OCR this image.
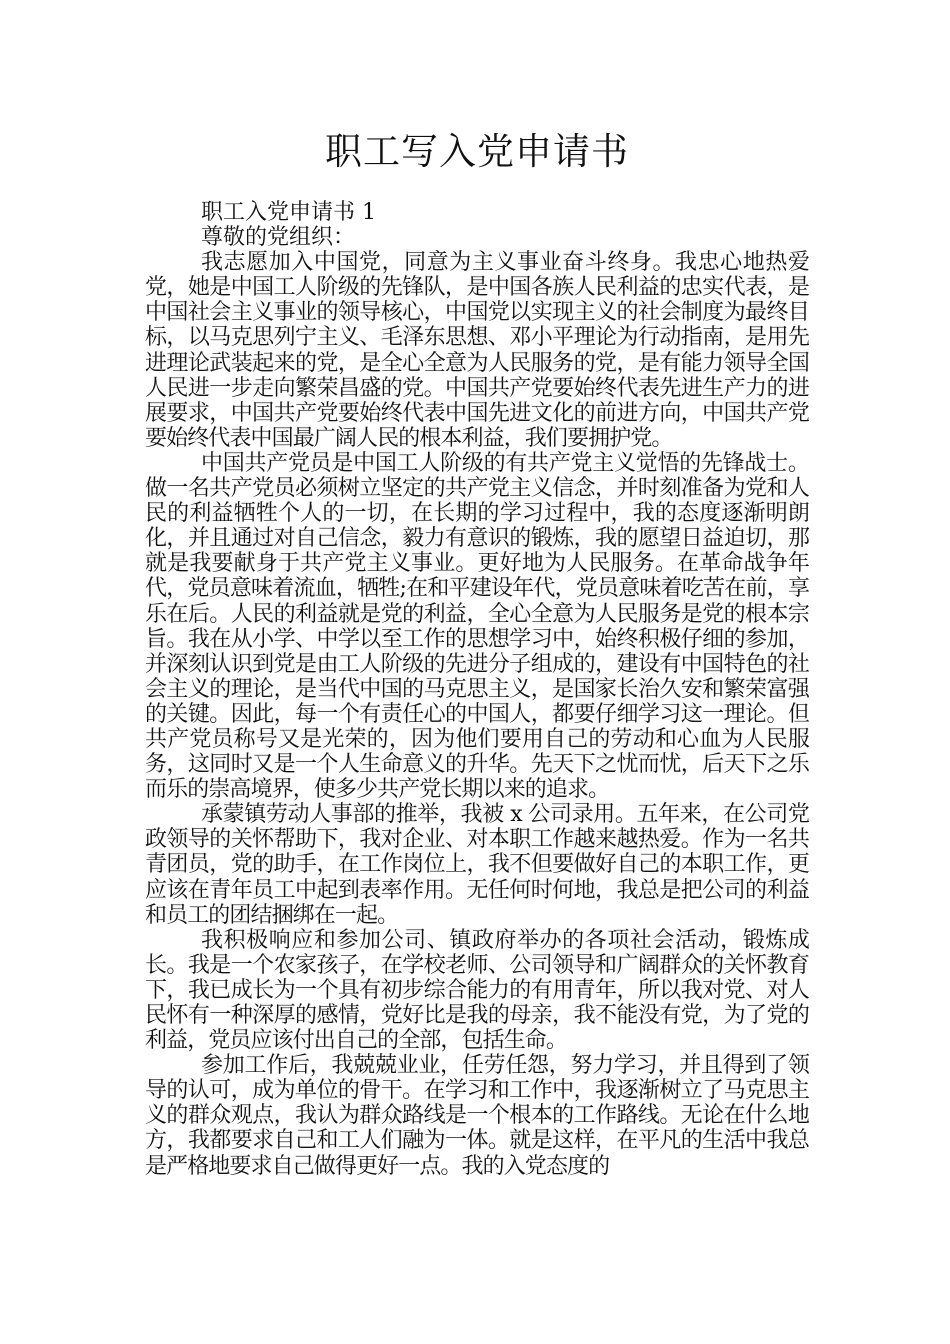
职工写入党申请书

职工入党申请书 1

尊敬的党组织：

我志愿加入中国党，同意为主义事业奋斗终身。我忠心地热爱党，她是中国工人阶级的先锋队，是中国各族人民利益的忠实代表，是中国社会主义事业的领导核心，中国党以实现主义的社会制度为最终目标，以马克思列宁主义、毛泽东思想、邓小平理论为行动指南，是用先进理论武装起来的党，是全心全意为人民服务的党，是有能力领导全国人民进一步走向繁荣昌盛的党。中国共产党要始终代表先进生产力的进展要求，中国共产党要始终代表中国先进文化的前进方向，中国共产党要始终代表中国最广阔人民的根本利益，我们要拥护党。

中国共产党员是中国工人阶级的有共产党主义觉悟的先锋战士。做一名共产党员必须树立坚定的共产党主义信念，并时刻准备为党和人民的利益牺牲个人的一切，在长期的学习过程中，我的态度逐渐明朗化，并且通过对自己信念，毅力有意识的锻炼，我的愿望日益迫切，那就是我要献身于共产党主义事业。更好地为人民服务。在革命战争年代，党员意味着流血，牺牲;在和平建设年代，党员意味着吃苦在前，享乐在后。人民的利益就是党的利益，全心全意为人民服务是党的根本宗旨。我在从小学、中学以至工作的思想学习中，始终积极仔细的参加，并深刻认识到党是由工人阶级的先进分子组成的，建设有中国特色的社会主义的理论，是当代中国的马克思主义，是国家长治久安和繁荣富强的关键。因此，每一个有责任心的中国人，都要仔细学习这一理论。但共产党员称号又是光荣的，因为他们要用自己的劳动和心血为人民服务，这同时又是一个人生命意义的升华。先天下之忧而忧，后天下之乐而乐的崇高境界，使多少共产党长期以来的追求。

承蒙镇劳动人事部的推举，我被 x 公司录用。五年来，在公司党政领导的关怀帮助下，我对企业、对本职工作越来越热爱。作为一名共青团员，党的助手，在工作岗位上，我不但要做好自己的本职工作，更应该在青年员工中起到表率作用。无任何时何地，我总是把公司的利益和员工的团结捆绑在一起。

我积极响应和参加公司、镇政府举办的各项社会活动，锻炼成长。我是一个农家孩子，在学校老师、公司领导和广阔群众的关怀教育下，我已成长为一个具有初步综合能力的有用青年，所以我对党、对人民怀有一种深厚的感情，党好比是我的母亲，我不能没有党，为了党的利益，党员应该付出自己的全部，包括生命。

参加工作后，我兢兢业业，任劳任怨，努力学习，并且得到了领导的认可，成为单位的骨干。在学习和工作中，我逐渐树立了马克思主义的群众观点，我认为群众路线是一个根本的工作路线。无论在什么地方，我都要求自己和工人们融为一体。就是这样，在平凡的生活中我总是严格地要求自己做得更好一点。我的入党态度的
